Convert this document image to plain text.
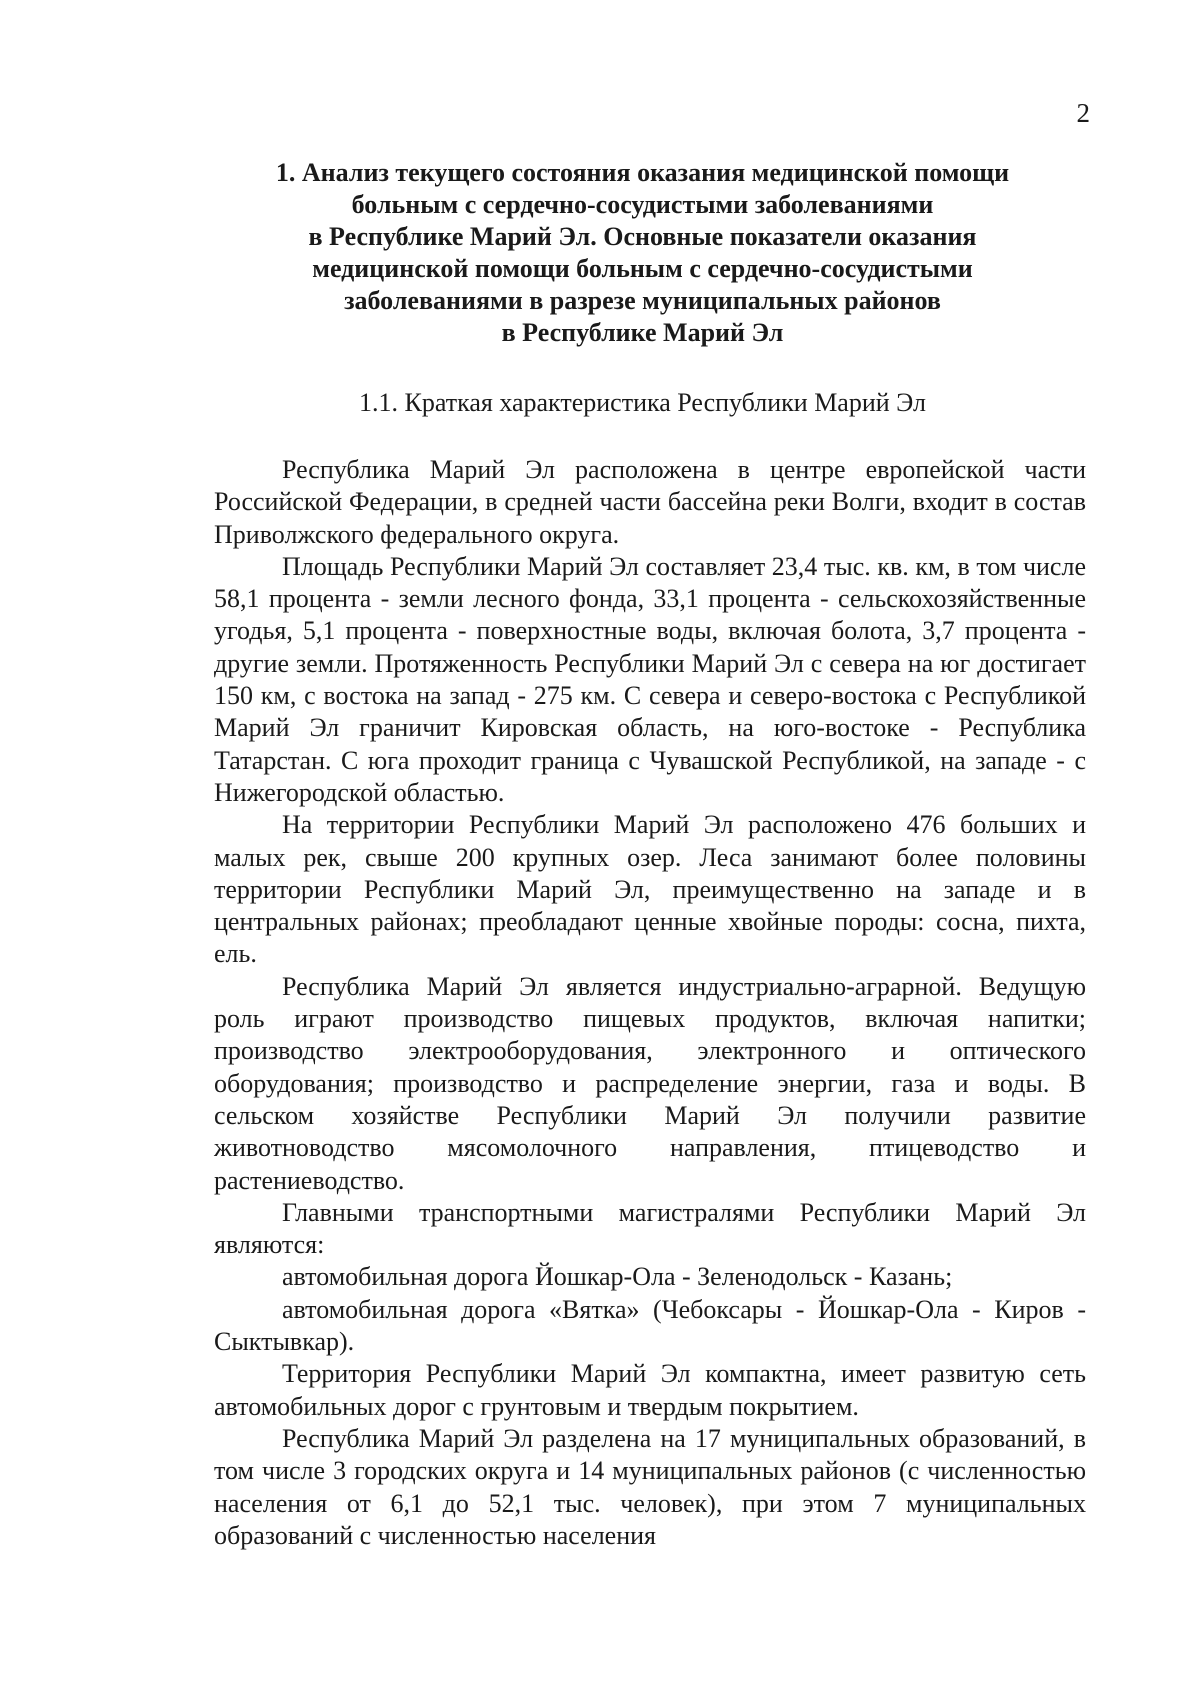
2
1. Анализ текущего состояния оказания медицинской помощи
больным с сердечно-сосудистыми заболеваниями
в Республике Марий Эл. Основные показатели оказания
медицинской помощи больным с сердечно-сосудистыми
заболеваниями в разрезе муниципальных районов
в Республике Марий Эл
1.1. Краткая характеристика Республики Марий Эл

Республика Марий Эл расположена в центре европейской части Российской Федерации, в средней части бассейна реки Волги, входит в состав Приволжского федерального округа.

Площадь Республики Марий Эл составляет 23,4 тыс. кв. км, в том числе 58,1 процента - земли лесного фонда, 33,1 процента - сельскохозяйственные угодья, 5,1 процента - поверхностные воды, включая болота, 3,7 процента - другие земли. Протяженность Республики Марий Эл с севера на юг достигает 150 км, с востока на запад - 275 км. С севера и северо-востока с Республикой Марий Эл граничит Кировская область, на юго-востоке - Республика Татарстан. С юга проходит граница с Чувашской Республикой, на западе - с Нижегородской областью.

На территории Республики Марий Эл расположено 476 больших и малых рек, свыше 200 крупных озер. Леса занимают более половины территории Республики Марий Эл, преимущественно на западе и в центральных районах; преобладают ценные хвойные породы: сосна, пихта, ель.

Республика Марий Эл является индустриально-аграрной. Ведущую роль играют производство пищевых продуктов, включая напитки; производство электрооборудования, электронного и оптического оборудования; производство и распределение энергии, газа и воды. В сельском хозяйстве Республики Марий Эл получили развитие животноводство мясомолочного направления, птицеводство и растениеводство.

Главными транспортными магистралями Республики Марий Эл являются:

автомобильная дорога Йошкар-Ола - Зеленодольск - Казань;

автомобильная дорога «Вятка» (Чебоксары - Йошкар-Ола - Киров - Сыктывкар).

Территория Республики Марий Эл компактна, имеет развитую сеть автомобильных дорог с грунтовым и твердым покрытием.

Республика Марий Эл разделена на 17 муниципальных образований, в том числе 3 городских округа и 14 муниципальных районов (с численностью населения от 6,1 до 52,1 тыс. человек), при этом 7 муниципальных образований с численностью населения
